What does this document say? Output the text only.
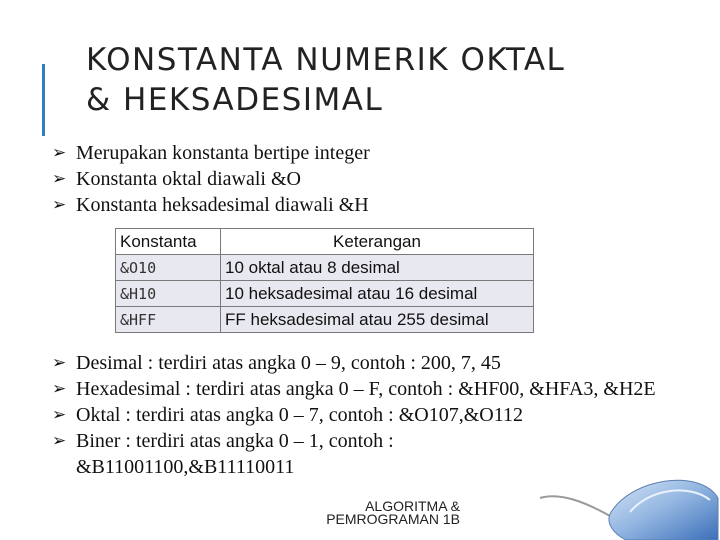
KONSTANTA NUMERIK OKTAL
& HEKSADESIMAL
➢ Merupakan konstanta bertipe integer
➢ Konstanta oktal diawali &O
➢ Konstanta heksadesimal diawali &H
Konstanta	Keterangan
&O10	10 oktal atau 8 desimal
&H10	10 heksadesimal atau 16 desimal
&HFF	FF heksadesimal atau 255 desimal
➢ Desimal : terdiri atas angka 0 – 9, contoh : 200, 7, 45
➢ Hexadesimal : terdiri atas angka 0 – F, contoh : &HF00, &HFA3, &H2E
➢ Oktal : terdiri atas angka 0 – 7, contoh : &O107,&O112
➢ Biner : terdiri atas angka 0 – 1, contoh : &B11001100,&B11110011
ALGORITMA &
PEMROGRAMAN 1B
